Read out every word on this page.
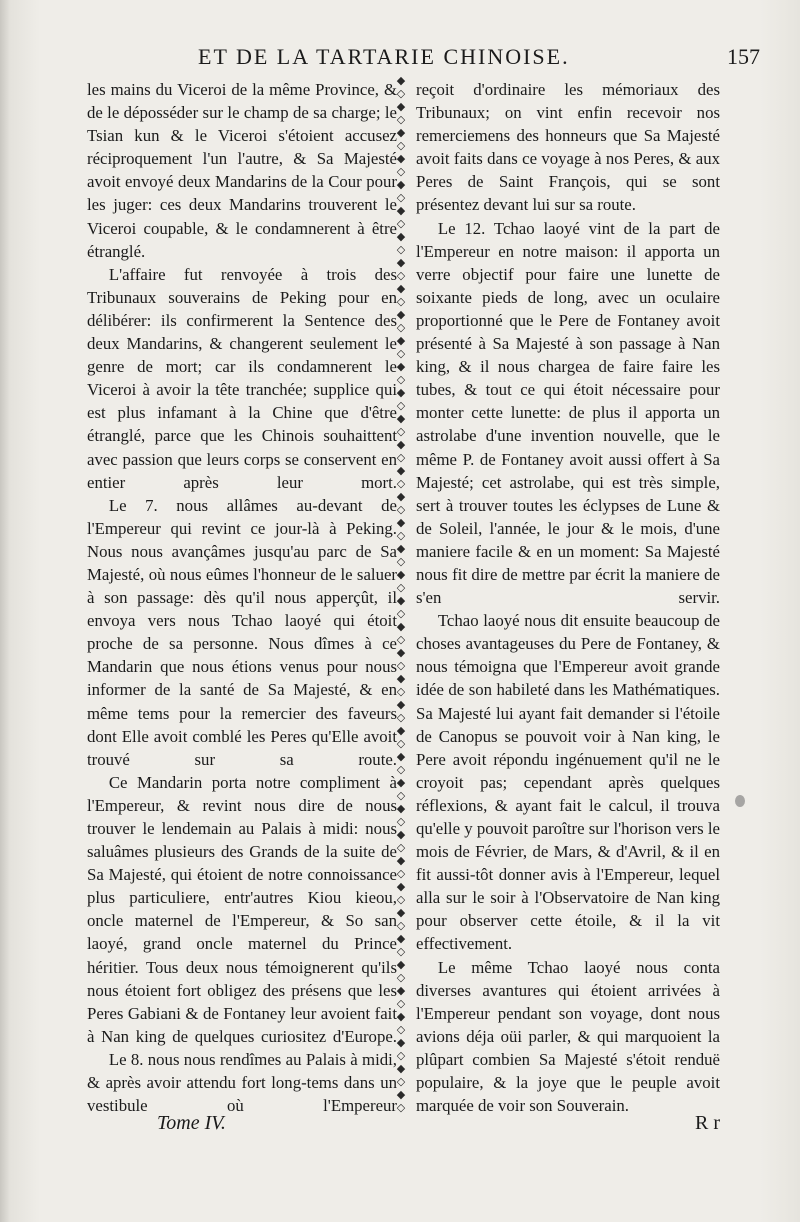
ET DE LA TARTARIE CHINOISE.	157

les mains du Viceroi de la même Province, & de le déposséder sur le champ de sa charge; le Tsian kun & le Viceroi s'étoient accusez réciproquement l'un l'autre, & Sa Majesté avoit envoyé deux Mandarins de la Cour pour les juger: ces deux Mandarins trouverent le Viceroi coupable, & le condamnerent à être étranglé.

L'affaire fut renvoyée à trois des Tribunaux souverains de Peking pour en délibérer: ils confirmerent la Sentence des deux Mandarins, & changerent seulement le genre de mort; car ils condamnerent le Viceroi à avoir la tête tranchée; supplice qui est plus infamant à la Chine que d'être étranglé, parce que les Chinois souhaittent avec passion que leurs corps se conservent en entier après leur mort.

Le 7. nous allâmes au-devant de l'Empereur qui revint ce jour-là à Peking. Nous nous avançâmes jusqu'au parc de Sa Majesté, où nous eûmes l'honneur de le saluer à son passage: dès qu'il nous apperçût, il envoya vers nous Tchao laoyé qui étoit proche de sa personne. Nous dîmes à ce Mandarin que nous étions venus pour nous informer de la santé de Sa Majesté, & en même tems pour la remercier des faveurs dont Elle avoit comblé les Peres qu'Elle avoit trouvé sur sa route.

Ce Mandarin porta notre compliment à l'Empereur, & revint nous dire de nous trouver le lendemain au Palais à midi: nous saluâmes plusieurs des Grands de la suite de Sa Majesté, qui étoient de notre connoissance plus particuliere, entr'autres Kiou kieou, oncle maternel de l'Empereur, & So san laoyé, grand oncle maternel du Prince héritier. Tous deux nous témoignerent qu'ils nous étoient fort obligez des présens que les Peres Gabiani & de Fontaney leur avoient fait à Nan king de quelques curiositez d'Europe.

Le 8. nous nous rendîmes au Palais à midi, & après avoir attendu fort long-tems dans un vestibule où l'Empereur

◆
◇
◆
◇
◆
◇
◆
◇
◆
◇
◆
◇
◆
◇
◆
◇
◆
◇
◆
◇
◆
◇
◆
◇
◆
◇
◆
◇
◆
◇
◆
◇
◆
◇
◆
◇
◆
◇
◆
◇
◆
◇
◆
◇
◆
◇
◆
◇
◆
◇
◆
◇
◆
◇
◆
◇
◆
◇
◆
◇
◆
◇
◆
◇
◆
◇
◆
◇
◆
◇
◆
◇
◆
◇
◆
◇
◆
◇
◆
◇

reçoit d'ordinaire les mémoriaux des Tribunaux; on vint enfin recevoir nos remerciemens des honneurs que Sa Majesté avoit faits dans ce voyage à nos Peres, & aux Peres de Saint François, qui se sont présentez devant lui sur sa route.

Le 12. Tchao laoyé vint de la part de l'Empereur en notre maison: il apporta un verre objectif pour faire une lunette de soixante pieds de long, avec un oculaire proportionné que le Pere de Fontaney avoit présenté à Sa Majesté à son passage à Nan king, & il nous chargea de faire faire les tubes, & tout ce qui étoit nécessaire pour monter cette lunette: de plus il apporta un astrolabe d'une invention nouvelle, que le même P. de Fontaney avoit aussi offert à Sa Majesté; cet astrolabe, qui est très simple, sert à trouver toutes les éclypses de Lune & de Soleil, l'année, le jour & le mois, d'une maniere facile & en un moment: Sa Majesté nous fit dire de mettre par écrit la maniere de s'en servir.

Tchao laoyé nous dit ensuite beaucoup de choses avantageuses du Pere de Fontaney, & nous témoigna que l'Empereur avoit grande idée de son habileté dans les Mathématiques. Sa Majesté lui ayant fait demander si l'étoile de Canopus se pouvoit voir à Nan king, le Pere avoit répondu ingénuement qu'il ne le croyoit pas; cependant après quelques réflexions, & ayant fait le calcul, il trouva qu'elle y pouvoit paroître sur l'horison vers le mois de Février, de Mars, & d'Avril, & il en fit aussi-tôt donner avis à l'Empereur, lequel alla sur le soir à l'Observatoire de Nan king pour observer cette étoile, & il la vit effectivement.

Le même Tchao laoyé nous conta diverses avantures qui étoient arrivées à l'Empereur pendant son voyage, dont nous avions déja oüi parler, & qui marquoient la plûpart combien Sa Majesté s'étoit renduë populaire, & la joye que le peuple avoit marquée de voir son Souverain.

Tome IV.	R r
